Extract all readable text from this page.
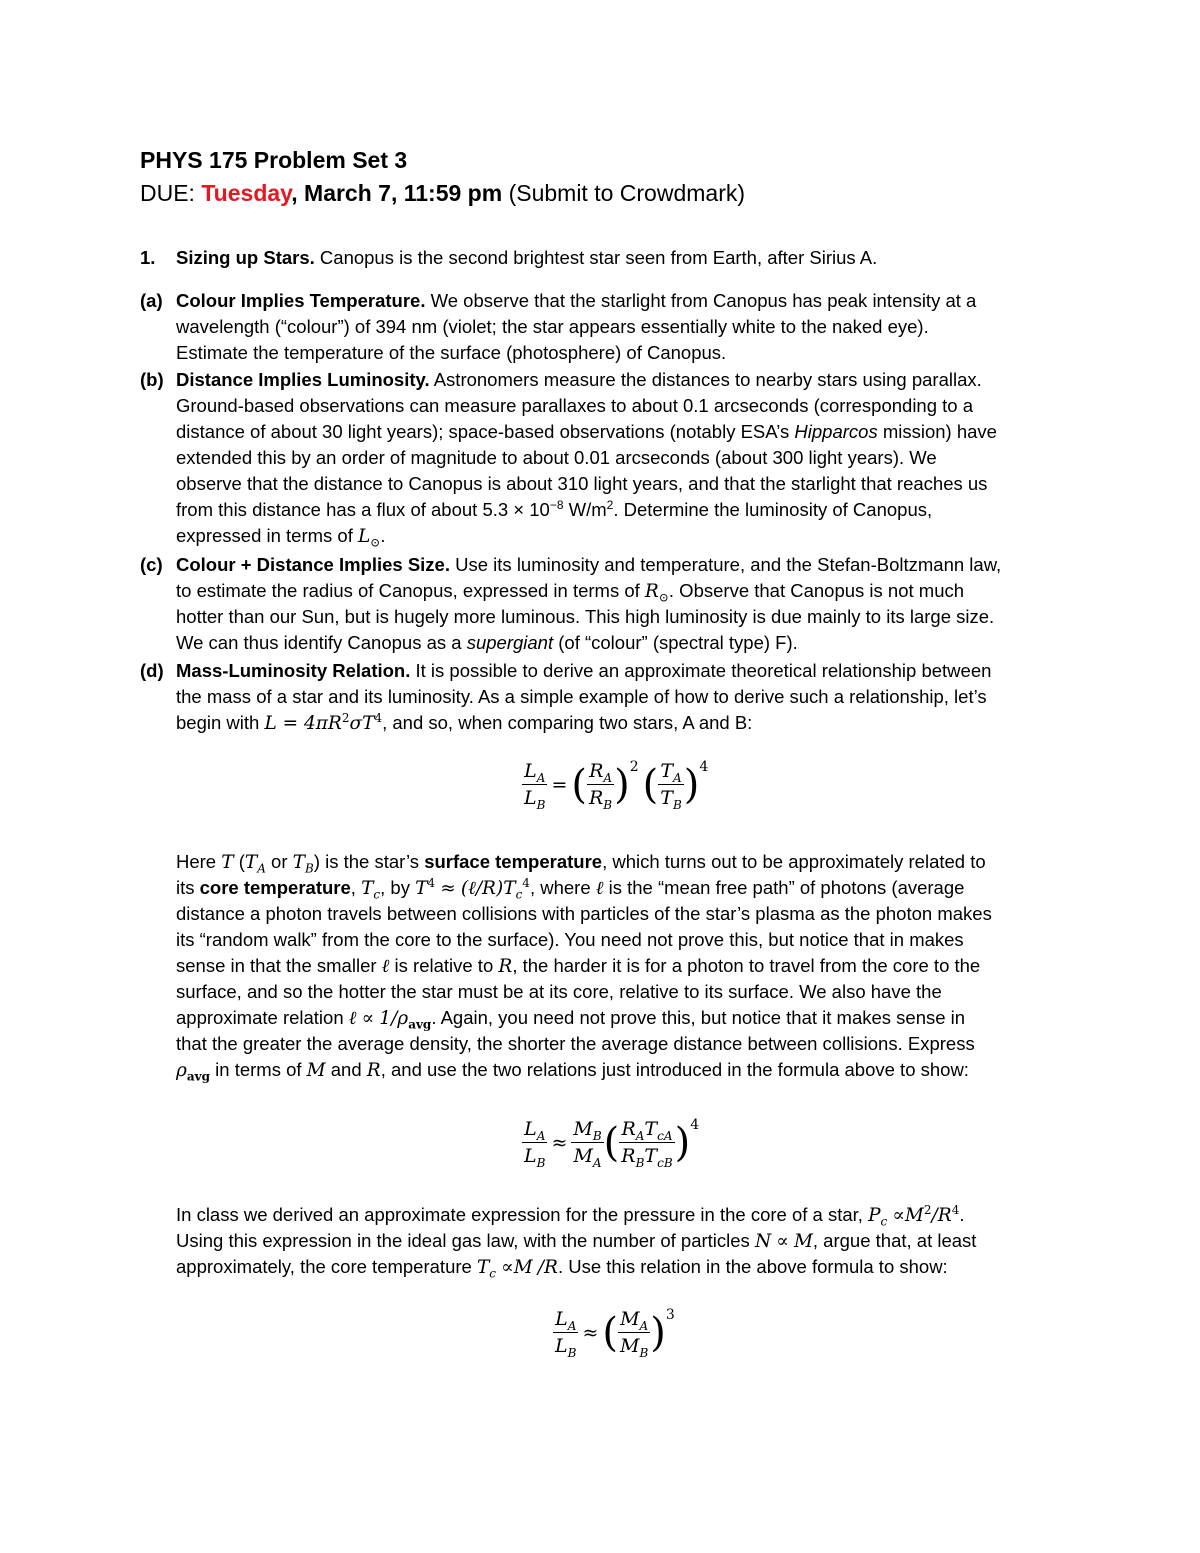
PHYS 175 Problem Set 3
DUE: Tuesday, March 7, 11:59 pm (Submit to Crowdmark)
1. Sizing up Stars. Canopus is the second brightest star seen from Earth, after Sirius A.
(a) Colour Implies Temperature. We observe that the starlight from Canopus has peak intensity at a
wavelength (“colour”) of 394 nm (violet; the star appears essentially white to the naked eye).
Estimate the temperature of the surface (photosphere) of Canopus.
(b) Distance Implies Luminosity. Astronomers measure the distances to nearby stars using parallax.
Ground-based observations can measure parallaxes to about 0.1 arcseconds (corresponding to a
distance of about 30 light years); space-based observations (notably ESA’s Hipparcos mission) have
extended this by an order of magnitude to about 0.01 arcseconds (about 300 light years). We
observe that the distance to Canopus is about 310 light years, and that the starlight that reaches us
from this distance has a flux of about $5.3 \times 10^{-8}$ $W/m^2$. Determine the luminosity of Canopus,
expressed in terms of $L_⊙$.
(c) Colour + Distance Implies Size. Use its luminosity and temperature, and the Stefan-Boltzmann law,
to estimate the radius of Canopus, expressed in terms of $R_⊙$. Observe that Canopus is not much
hotter than our Sun, but is hugely more luminous. This high luminosity is due mainly to its large size.
We can thus identify Canopus as a supergiant (of “colour” (spectral type) F).
(d) Mass-Luminosity Relation. It is possible to derive an approximate theoretical relationship between
the mass of a star and its luminosity. As a simple example of how to derive such a relationship, let’s
begin with $L = 4\pi R^2\sigma T^4$, and so, when comparing two stars, A and B:
$\frac{L_A}{L_B}$ = ( $\frac{R_A}{R_B}$ ) 2 ( $\frac{T_A}{T_B}$ ) 4
Here T ($T_A$ or $T_B$) is the star’s surface temperature, which turns out to be approximately related to
its core temperature, $T_c$, by $T^4$ ≈ $(\ell/R)T_c^4$, where ℓ is the “mean free path” of photons (average
distance a photon travels between collisions with particles of the star’s plasma as the photon makes
its “random walk” from the core to the surface). You need not prove this, but notice that in makes
sense in that the smaller ℓ is relative to R, the harder it is for a photon to travel from the core to the
surface, and so the hotter the star must be at its core, relative to its surface. We also have the
approximate relation ℓ ∝ $1/\rho_{avg}$. Again, you need not prove this, but notice that it makes sense in
that the greater the average density, the shorter the average distance between collisions. Express
$\rho_{avg}$ in terms of M and R, and use the two relations just introduced in the formula above to show:
$\frac{L_A}{L_B} \approx \frac{M_B}{M_A}$ ( $\frac{R_AT_{cA}}{R_BT_{cB}}$ ) 4
In class we derived an approximate expression for the pressure in the core of a star, $P_c \propto M^2/R^4$.
Using this expression in the ideal gas law, with the number of particles N ∝ M, argue that, at least
approximately, the core temperature $T_c \propto M$ /R. Use this relation in the above formula to show:
$\frac{L_A}{L_B}$ ≈ ( $\frac{M_A}{M_B}$ ) 3
